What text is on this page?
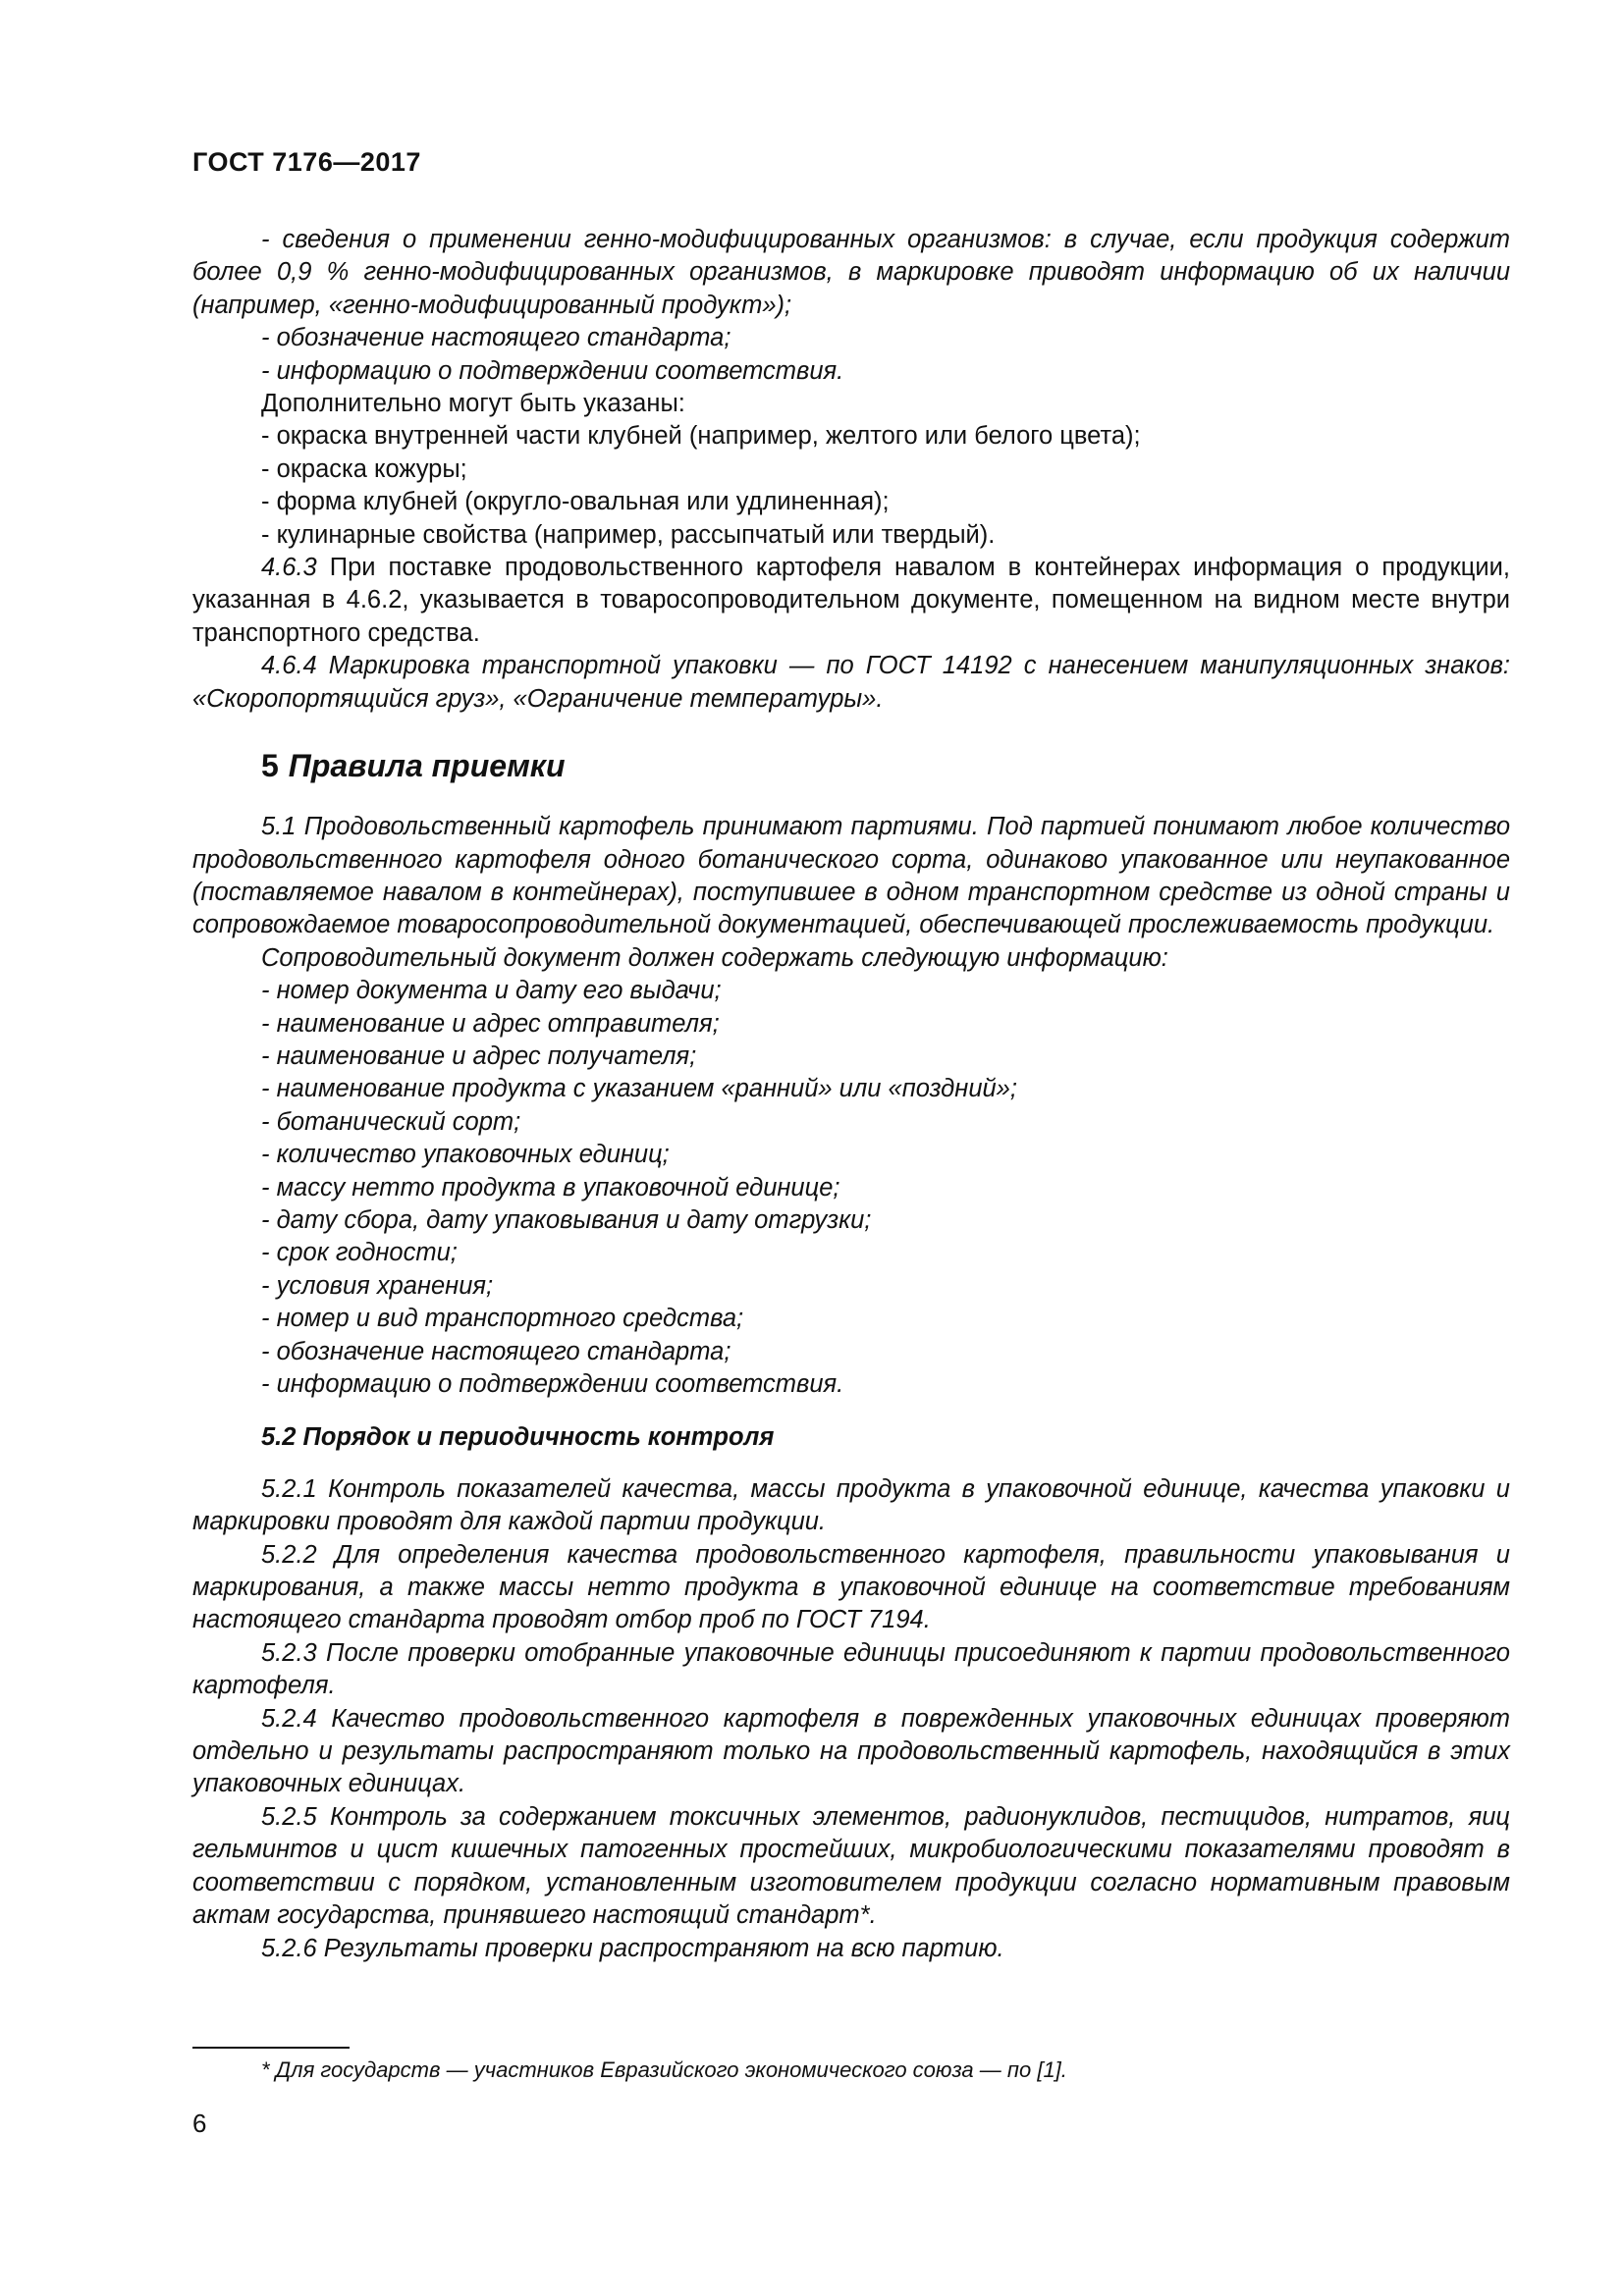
ГОСТ 7176—2017

- сведения о применении генно-модифицированных организмов: в случае, если продукция содержит более 0,9 % генно-модифицированных организмов, в маркировке приводят информацию об их наличии (например, «генно-модифицированный продукт»);

- обозначение настоящего стандарта;

- информацию о подтверждении соответствия.

Дополнительно могут быть указаны:

- окраска внутренней части клубней (например, желтого или белого цвета);

- окраска кожуры;

- форма клубней (округло-овальная или удлиненная);

- кулинарные свойства (например, рассыпчатый или твердый).

4.6.3 При поставке продовольственного картофеля навалом в контейнерах информация о продукции, указанная в 4.6.2, указывается в товаросопроводительном документе, помещенном на видном месте внутри транспортного средства.

4.6.4 Маркировка транспортной упаковки — по ГОСТ 14192 с нанесением манипуляционных знаков: «Скоропортящийся груз», «Ограничение температуры».

5 Правила приемки

5.1 Продовольственный картофель принимают партиями. Под партией понимают любое количество продовольственного картофеля одного ботанического сорта, одинаково упакованное или неупакованное (поставляемое навалом в контейнерах), поступившее в одном транспортном средстве из одной страны и сопровождаемое товаросопроводительной документацией, обеспечивающей прослеживаемость продукции.

Сопроводительный документ должен содержать следующую информацию:

- номер документа и дату его выдачи;

- наименование и адрес отправителя;

- наименование и адрес получателя;

- наименование продукта с указанием «ранний» или «поздний»;

- ботанический сорт;

- количество упаковочных единиц;

- массу нетто продукта в упаковочной единице;

- дату сбора, дату упаковывания и дату отгрузки;

- срок годности;

- условия хранения;

- номер и вид транспортного средства;

- обозначение настоящего стандарта;

- информацию о подтверждении соответствия.

5.2 Порядок и периодичность контроля

5.2.1 Контроль показателей качества, массы продукта в упаковочной единице, качества упаковки и маркировки проводят для каждой партии продукции.

5.2.2 Для определения качества продовольственного картофеля, правильности упаковывания и маркирования, а также массы нетто продукта в упаковочной единице на соответствие требованиям настоящего стандарта проводят отбор проб по ГОСТ 7194.

5.2.3 После проверки отобранные упаковочные единицы присоединяют к партии продовольственного картофеля.

5.2.4 Качество продовольственного картофеля в поврежденных упаковочных единицах проверяют отдельно и результаты распространяют только на продовольственный картофель, находящийся в этих упаковочных единицах.

5.2.5 Контроль за содержанием токсичных элементов, радионуклидов, пестицидов, нитратов, яиц гельминтов и цист кишечных патогенных простейших, микробиологическими показателями проводят в соответствии с порядком, установленным изготовителем продукции согласно нормативным правовым актам государства, принявшего настоящий стандарт*.

5.2.6 Результаты проверки распространяют на всю партию.

* Для государств — участников Евразийского экономического союза — по [1].
6
